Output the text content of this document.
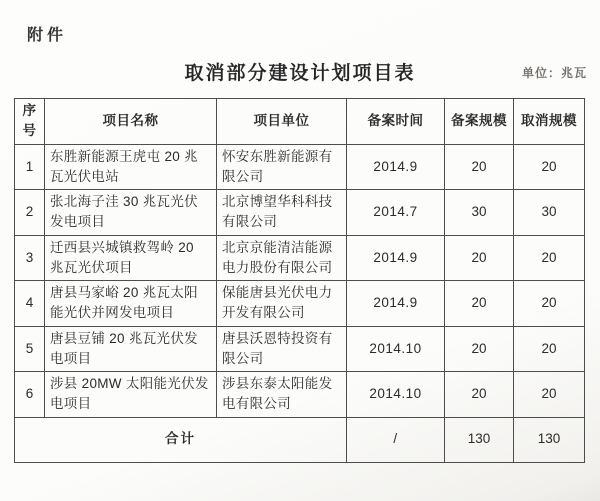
附件
取消部分建设计划项目表	单位：兆瓦
序号	项目名称	项目单位	备案时间	备案规模	取消规模
1	东胜新能源王虎屯 20 兆瓦光伏电站	怀安东胜新能源有限公司	2014.9	20	20
2	张北海子洼 30 兆瓦光伏发电项目	北京博望华科科技有限公司	2014.7	30	30
3	迁西县兴城镇救驾岭 20 兆瓦光伏项目	北京京能清洁能源电力股份有限公司	2014.9	20	20
4	唐县马家峪 20 兆瓦太阳能光伏并网发电项目	保能唐县光伏电力开发有限公司	2014.9	20	20
5	唐县豆铺 20 兆瓦光伏发电项目	唐县沃恩特投资有限公司	2014.10	20	20
6	涉县 20MW 太阳能光伏发电项目	涉县东泰太阳能发电有限公司	2014.10	20	20
合计			/	130	130
